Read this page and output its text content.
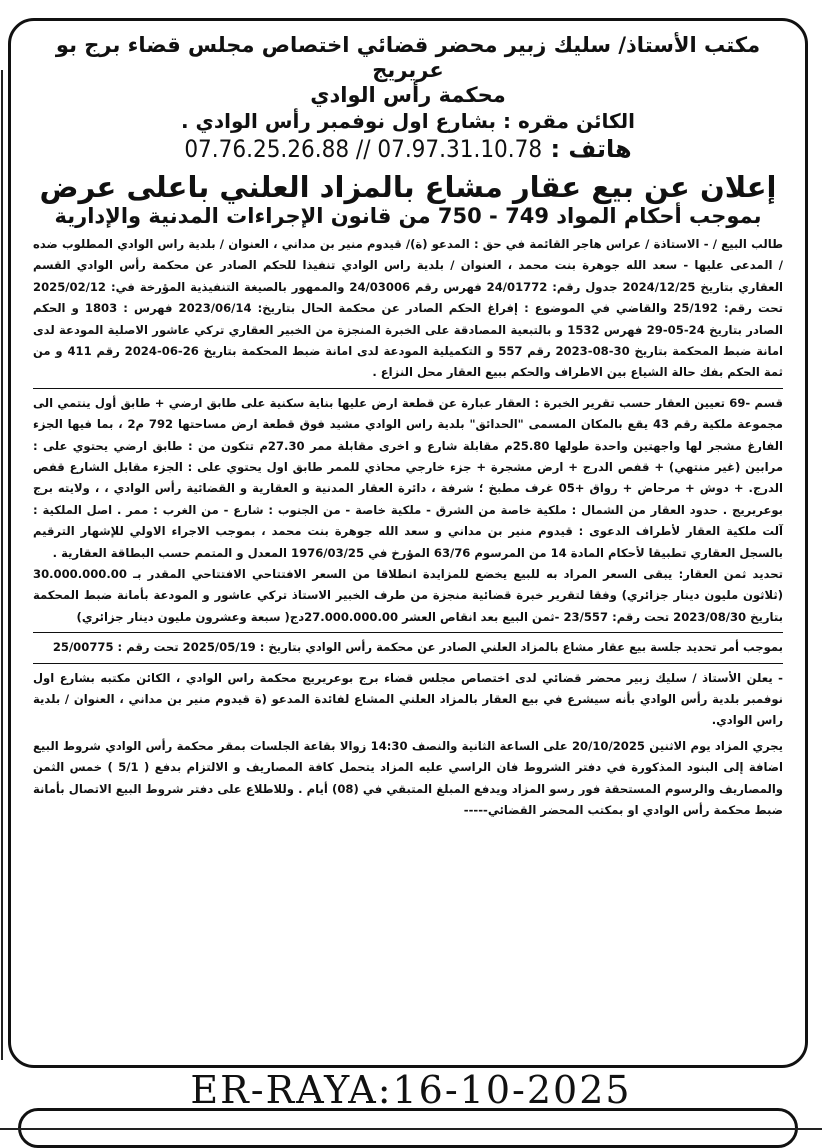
مكتب الأستاذ/ سليك زبير محضر قضائي اختصاص مجلس قضاء برج بو عريريج

محكمة رأس الوادي

الكائن مقره : بشارع اول نوفمبر رأس الوادي .

هاتف : 07.76.25.26.88 // 07.97.31.10.78

إعلان عن بيع عقار مشاع بالمزاد العلني باعلى عرض

بموجب أحكام المواد 749 - 750 من قانون الإجراءات المدنية والإدارية

طالب البيع / - الاستاذة / عراس هاجر القائمة في حق : المدعو (ة)/ قيدوم منير بن مداني ، العنوان / بلدية راس الوادي المطلوب ضده / المدعى عليها - سعد الله جوهرة بنت محمد ، العنوان / بلدية راس الوادي تنفيذا للحكم الصادر عن محكمة رأس الوادي القسم العقاري بتاريخ 2024/12/25 جدول رقم: 24/01772 فهرس رقم 24/03006 والممهور بالصيغة التنفيذية المؤرخة في: 2025/02/12 تحت رقم: 25/192 والقاضي في الموضوع : إفراغ الحكم الصادر عن محكمة الحال بتاريخ: 2023/06/14 فهرس : 1803 و الحكم الصادر بتاريخ 24-05-29 فهرس 1532 و بالتبعية المصادقة على الخبرة المنجزة من الخبير العقاري تركي عاشور الاصلية المودعة لدى امانة ضبط المحكمة بتاريخ 30-08-2023 رقم 557 و التكميلية المودعة لدى امانة ضبط المحكمة بتاريخ 26-06-2024 رقم 411 و من ثمة الحكم بفك حالة الشياع بين الاطراف والحكم ببيع العقار محل النزاع .

قسم -69 تعيين العقار حسب تقرير الخبرة : العقار عبارة عن قطعة ارض عليها بناية سكنية على طابق ارضي + طابق أول ينتمي الى مجموعة ملكية رقم 43 يقع بالمكان المسمى "الحدائق" بلدية راس الوادي مشيد فوق قطعة ارض مساحتها 792 م2 ، بما فيها الجزء الفارغ مشجر لها واجهتين واحدة طولها 25.80م مقابلة شارع و اخرى مقابلة ممر 27.30م تتكون من : طابق ارضي يحتوي على : مرابين (غير منتهي) + قفص الدرج + ارض مشجرة + جزء خارجي محاذي للممر طابق اول يحتوي على : الجزء مقابل الشارع قفص الدرج. + دوش + مرحاض + رواق +05 غرف مطبخ ؛ شرفة ، دائرة العقار المدنية و العقارية و القضائية رأس الوادي ، ، ولايته برج بوعريريج . حدود العقار من الشمال : ملكية خاصة من الشرق - ملكية خاصة - من الجنوب : شارع - من الغرب : ممر . اصل الملكية : آلت ملكية العقار لأطراف الدعوى : قيدوم منير بن مداني و سعد الله جوهرة بنت محمد ، بموجب الاجراء الاولي للإشهار الترقيم بالسجل العقاري تطبيقا لأحكام المادة 14 من المرسوم 63/76 المؤرخ في 1976/03/25 المعدل و المتمم حسب البطاقة العقارية .

تحديد ثمن العقار: يبقى السعر المراد به للبيع يخضع للمزايدة انطلاقا من السعر الافتتاحي الافتتاحي المقدر بـ 30.000.000.00 (ثلاثون مليون دينار جزائري) وفقا لتقرير خبرة قضائية منجزة من طرف الخبير الاستاذ تركي عاشور و المودعة بأمانة ضبط المحكمة بتاريخ 2023/08/30 تحت رقم: 23/557 -ثمن البيع بعد انقاص العشر 27.000.000.00دج( سبعة وعشرون مليون دينار جزائري)

بموجب أمر تحديد جلسة بيع عقار مشاع بالمزاد العلني الصادر عن محكمة رأس الوادي بتاريخ : 2025/05/19 تحت رقم : 25/00775

- يعلن الأستاذ / سليك زبير محضر قضائي لدى اختصاص مجلس قضاء برج بوعريريج محكمة راس الوادي ، الكائن مكتبه بشارع اول نوفمبر بلدية رأس الوادي بأنه سيشرع في بيع العقار بالمزاد العلني المشاع لفائدة المدعو (ة قيدوم منير بن مداني ، العنوان / بلدية راس الوادي.

يجري المزاد يوم الاثنين 20/10/2025 على الساعة الثانية والنصف 14:30 زوالا بقاعة الجلسات بمقر محكمة رأس الوادي شروط البيع اضافة إلى البنود المذكورة في دفتر الشروط فان الراسي عليه المزاد يتحمل كافة المصاريف و الالتزام بدفع ( 5/1 ) خمس الثمن والمصاريف والرسوم المستحقة فور رسو المزاد ويدفع المبلغ المتبقي في (08) أيام . وللاطلاع على دفتر شروط البيع الاتصال بأمانة ضبط محكمة رأس الوادي او بمكتب المحضر القضائي-----

ER-RAYA:16-10-2025
